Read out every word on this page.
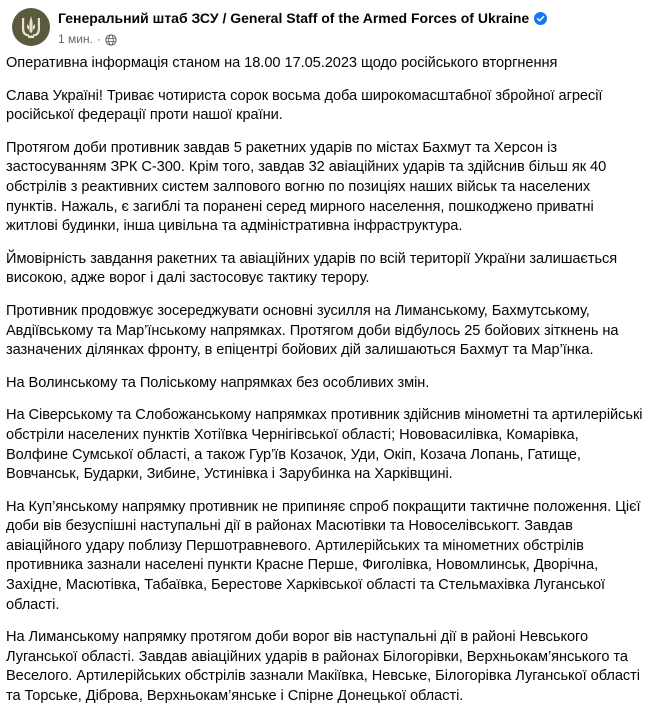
Генеральний штаб ЗСУ / General Staff of the Armed Forces of Ukraine
1 мин. ·

Оперативна інформація станом на 18.00 17.05.2023 щодо російського вторгнення

Слава Україні! Триває чотириста сорок восьма доба широкомасштабної збройної агресії російської федерації проти нашої країни.

Протягом доби противник завдав 5 ракетних ударів по містах Бахмут та Херсон із застосуванням ЗРК С-300. Крім того, завдав 32 авіаційних ударів та здійснив більш як 40 обстрілів з реактивних систем залпового вогню по позиціях наших військ та населених пунктів. Нажаль, є загиблі та поранені серед мирного населення, пошкоджено приватні житлові будинки, інша цивільна та адміністративна інфраструктура.

Ймовірність завдання ракетних та авіаційних ударів по всій території України залишається високою, адже ворог і далі застосовує тактику терору.

Противник продовжує зосереджувати основні зусилля на Лиманському, Бахмутському, Авдіївському та Мар’їнському напрямках. Протягом доби відбулось 25 бойових зіткнень на зазначених ділянках фронту, в епіцентрі бойових дій залишаються Бахмут та Мар’їнка.

На Волинському та Поліському напрямках без особливих змін.

На Сіверському та Слобожанському напрямках противник здійснив мінометні та артилерійські обстріли населених пунктів Хотіївка Чернігівської області; Нововасилівка, Комарівка, Волфине Сумської області, а також Гур’їв Козачок, Уди, Окіп, Козача Лопань, Гатище, Вовчанськ, Бударки, Зибине, Устинівка і Зарубинка на Харківщині.

На Куп’янському напрямку противник не припиняє спроб покращити тактичне положення. Цієї доби вів безуспішні наступальні дії в районах Масютівки та Новоселівськогт. Завдав авіаційного удару поблизу Першотравневого. Артилерійських та мінометних обстрілів противника зазнали населені пункти Красне Перше, Фиголівка, Новомлинськ, Дворічна, Західне, Масютівка, Табаївка, Берестове Харківської області та Стельмахівка Луганської області.

На Лиманському напрямку протягом доби ворог вів наступальні дії в районі Невського Луганської області. Завдав авіаційних ударів в районах Білогорівки, Верхньокам’янського та Веселого. Артилерійських обстрілів зазнали Макіївка, Невське, Білогорівка Луганської області та Торське, Діброва, Верхньокам’янське і Спірне Донецької області.
